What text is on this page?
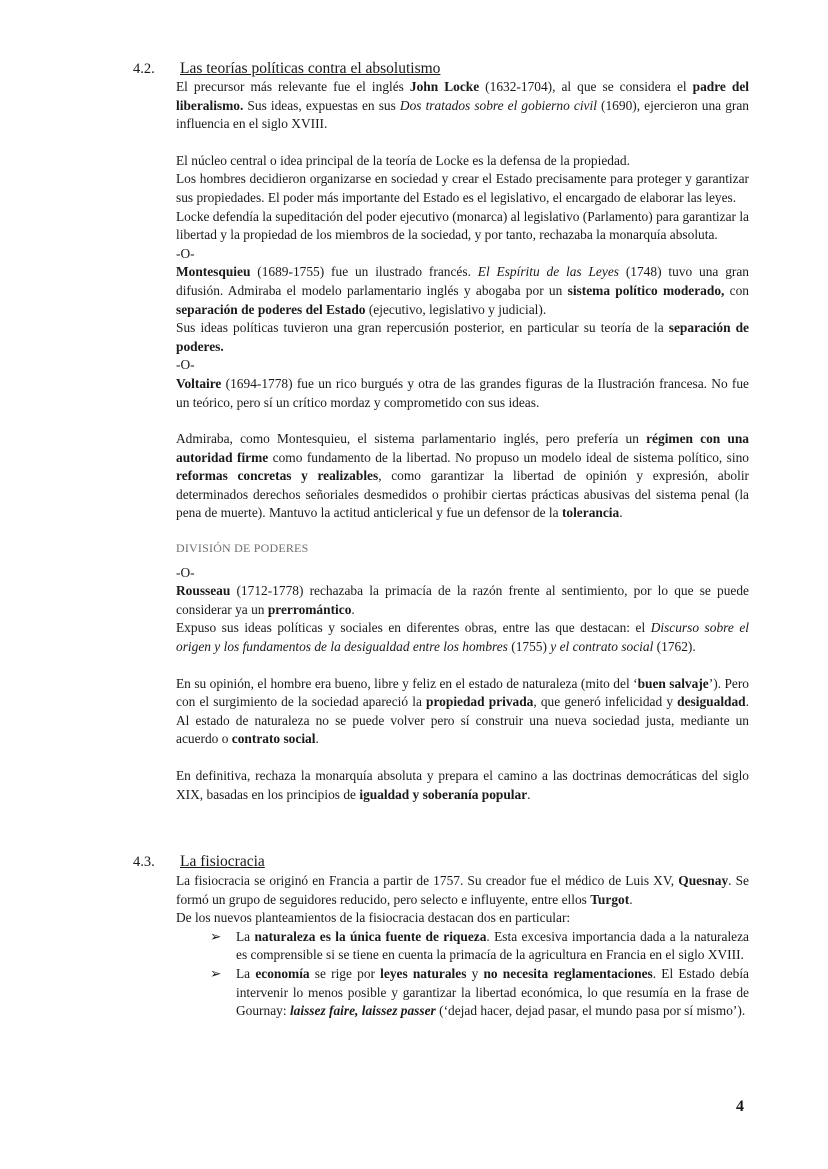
4.2. Las teorías políticas contra el absolutismo

El precursor más relevante fue el inglés John Locke (1632-1704), al que se considera el padre del liberalismo. Sus ideas, expuestas en sus Dos tratados sobre el gobierno civil (1690), ejercieron una gran influencia en el siglo XVIII.

El núcleo central o idea principal de la teoría de Locke es la defensa de la propiedad.

Los hombres decidieron organizarse en sociedad y crear el Estado precisamente para proteger y garantizar sus propiedades. El poder más importante del Estado es el legislativo, el encargado de elaborar las leyes.

Locke defendía la supeditación del poder ejecutivo (monarca) al legislativo (Parlamento) para garantizar la libertad y la propiedad de los miembros de la sociedad, y por tanto, rechazaba la monarquía absoluta.

-O-

Montesquieu (1689-1755) fue un ilustrado francés. El Espíritu de las Leyes (1748) tuvo una gran difusión. Admiraba el modelo parlamentario inglés y abogaba por un sistema político moderado, con separación de poderes del Estado (ejecutivo, legislativo y judicial).

Sus ideas políticas tuvieron una gran repercusión posterior, en particular su teoría de la separación de poderes.

-O-

Voltaire (1694-1778) fue un rico burgués y otra de las grandes figuras de la Ilustración francesa. No fue un teórico, pero sí un crítico mordaz y comprometido con sus ideas.

Admiraba, como Montesquieu, el sistema parlamentario inglés, pero prefería un régimen con una autoridad firme como fundamento de la libertad. No propuso un modelo ideal de sistema político, sino reformas concretas y realizables, como garantizar la libertad de opinión y expresión, abolir determinados derechos señoriales desmedidos o prohibir ciertas prácticas abusivas del sistema penal (la pena de muerte). Mantuvo la actitud anticlerical y fue un defensor de la tolerancia.

DIVISIÓN DE PODERES

-O-

Rousseau (1712-1778) rechazaba la primacía de la razón frente al sentimiento, por lo que se puede considerar ya un prerromántico.

Expuso sus ideas políticas y sociales en diferentes obras, entre las que destacan: el Discurso sobre el origen y los fundamentos de la desigualdad entre los hombres (1755) y el contrato social (1762).

En su opinión, el hombre era bueno, libre y feliz en el estado de naturaleza (mito del ‘buen salvaje’). Pero con el surgimiento de la sociedad apareció la propiedad privada, que generó infelicidad y desigualdad. Al estado de naturaleza no se puede volver pero sí construir una nueva sociedad justa, mediante un acuerdo o contrato social.

En definitiva, rechaza la monarquía absoluta y prepara el camino a las doctrinas democráticas del siglo XIX, basadas en los principios de igualdad y soberanía popular.

4.3. La fisiocracia

La fisiocracia se originó en Francia a partir de 1757. Su creador fue el médico de Luis XV, Quesnay. Se formó un grupo de seguidores reducido, pero selecto e influyente, entre ellos Turgot.

De los nuevos planteamientos de la fisiocracia destacan dos en particular:

➢ La naturaleza es la única fuente de riqueza. Esta excesiva importancia dada a la naturaleza es comprensible si se tiene en cuenta la primacía de la agricultura en Francia en el siglo XVIII.
➢ La economía se rige por leyes naturales y no necesita reglamentaciones. El Estado debía intervenir lo menos posible y garantizar la libertad económica, lo que resumía en la frase de Gournay: laissez faire, laissez passer (‘dejad hacer, dejad pasar, el mundo pasa por sí mismo’).
4
